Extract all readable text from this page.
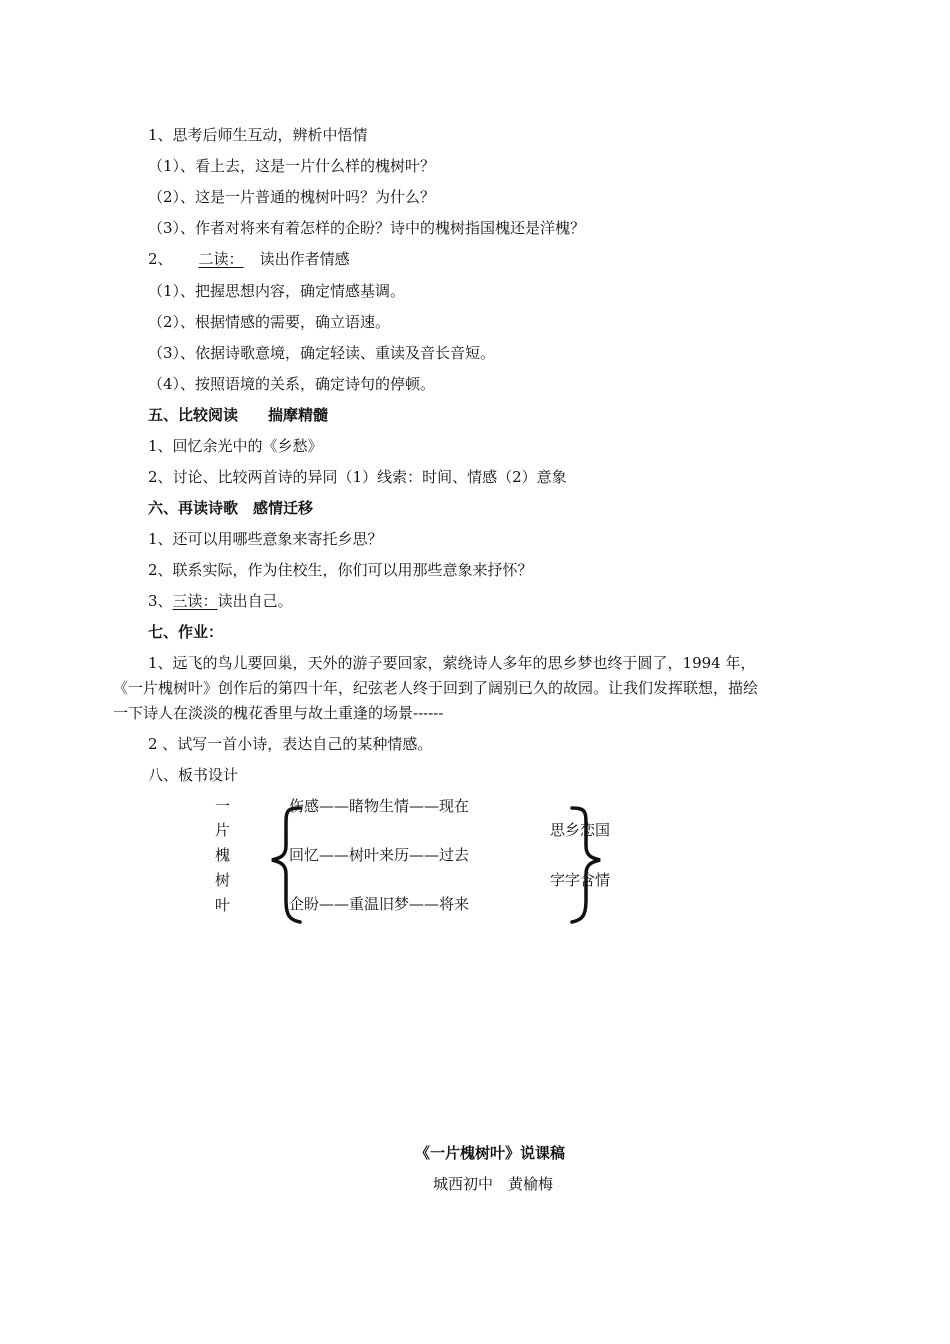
1、思考后师生互动，辨析中悟情
（1）、看上去，这是一片什么样的槐树叶？
（2）、这是一片普通的槐树叶吗？为什么？
（3）、作者对将来有着怎样的企盼？诗中的槐树指国槐还是洋槐？
2、 二读： 读出作者情感
（1）、把握思想内容，确定情感基调。
（2）、根据情感的需要，确立语速。
（3）、依据诗歌意境，确定轻读、重读及音长音短。
（4）、按照语境的关系，确定诗句的停顿。
五、比较阅读　　揣摩精髓
1、回忆余光中的《乡愁》
2、讨论、比较两首诗的异同（1）线索：时间、情感（2）意象
六、再读诗歌　感情迁移
1、还可以用哪些意象来寄托乡思？
2、联系实际，作为住校生，你们可以用那些意象来抒怀？
3、三读：读出自己。
七、作业：
1、远飞的鸟儿要回巢，天外的游子要回家，萦绕诗人多年的思乡梦也终于圆了，1994 年，
《一片槐树叶》创作后的第四十年，纪弦老人终于回到了阔别已久的故园。让我们发挥联想，描绘
一下诗人在淡淡的槐花香里与故土重逢的场景------
2 、试写一首小诗，表达自己的某种情感。
八、板书设计
一
片
槐
树
叶
伤感——睹物生情——现在
回忆——树叶来历——过去
企盼——重温旧梦——将来
思乡恋国
字字含情
《一片槐树叶》说课稿
城西初中　黄榆梅
